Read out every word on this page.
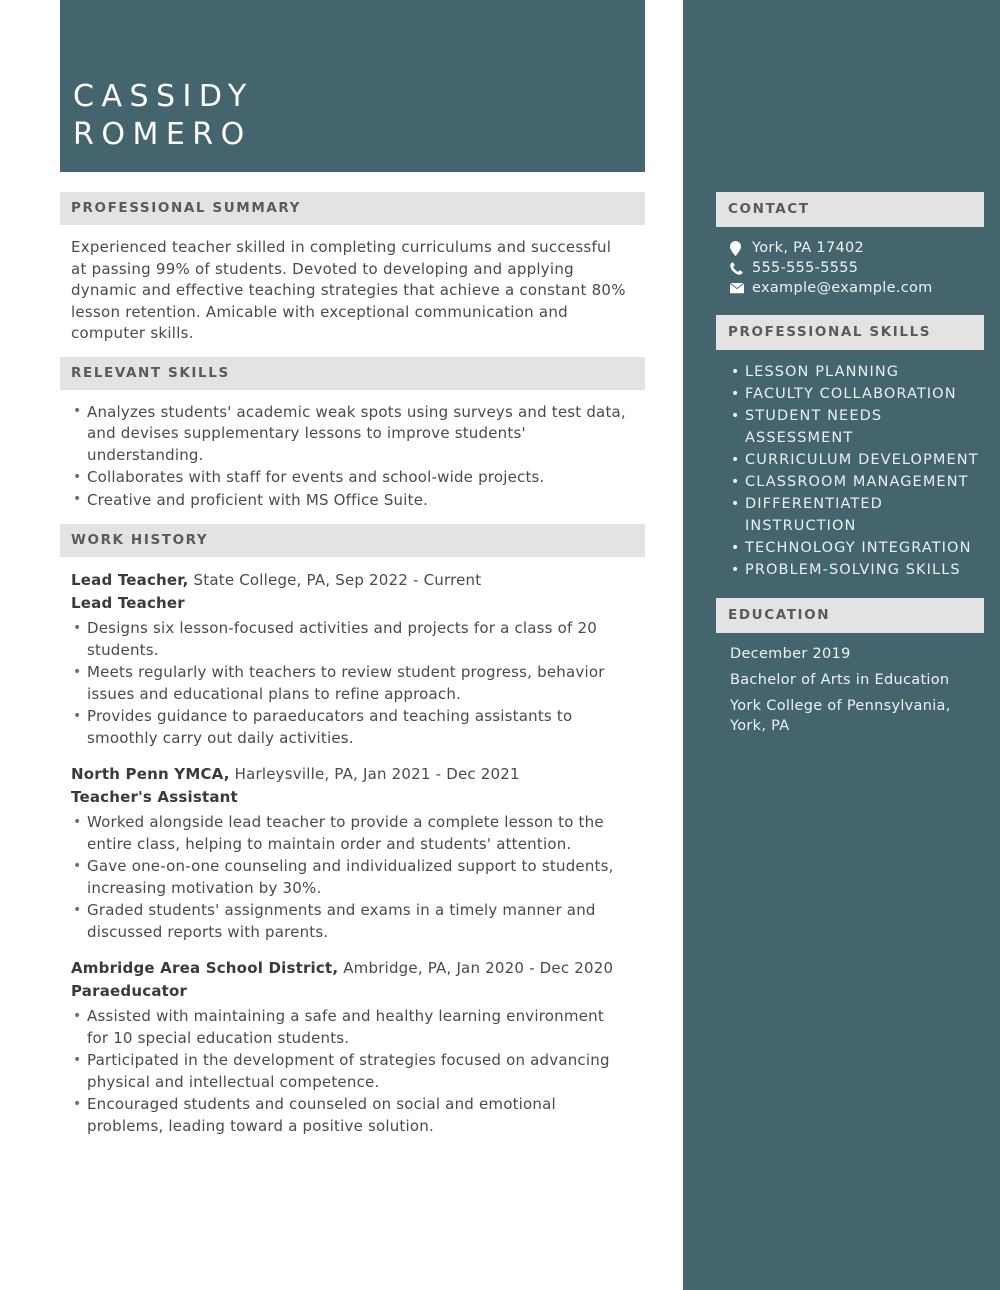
CONTACT
York, PA 17402
555-555-5555
example@example.com
PROFESSIONAL SKILLS
• LESSON PLANNING
• FACULTY COLLABORATION
• STUDENT NEEDS ASSESSMENT
• CURRICULUM DEVELOPMENT
• CLASSROOM MANAGEMENT
• DIFFERENTIATED INSTRUCTION
• TECHNOLOGY INTEGRATION
• PROBLEM-SOLVING SKILLS
EDUCATION

December 2019

Bachelor of Arts in Education

York College of Pennsylvania, York, PA

CASSIDY
ROMERO
PROFESSIONAL SUMMARY

Experienced teacher skilled in completing curriculums and successful at passing 99% of students. Devoted to developing and applying dynamic and effective teaching strategies that achieve a constant 80% lesson retention. Amicable with exceptional communication and computer skills.

RELEVANT SKILLS
• Analyzes students' academic weak spots using surveys and test data, and devises supplementary lessons to improve students' understanding.
• Collaborates with staff for events and school-wide projects.
• Creative and proficient with MS Office Suite.
WORK HISTORY

Lead Teacher, State College, PA, Sep 2022 - Current

Lead Teacher

• Designs six lesson-focused activities and projects for a class of 20 students.
• Meets regularly with teachers to review student progress, behavior issues and educational plans to refine approach.
• Provides guidance to paraeducators and teaching assistants to smoothly carry out daily activities.

North Penn YMCA, Harleysville, PA, Jan 2021 - Dec 2021

Teacher's Assistant

• Worked alongside lead teacher to provide a complete lesson to the entire class, helping to maintain order and students' attention.
• Gave one-on-one counseling and individualized support to students, increasing motivation by 30%.
• Graded students' assignments and exams in a timely manner and discussed reports with parents.

Ambridge Area School District, Ambridge, PA, Jan 2020 - Dec 2020

Paraeducator

• Assisted with maintaining a safe and healthy learning environment for 10 special education students.
• Participated in the development of strategies focused on advancing physical and intellectual competence.
• Encouraged students and counseled on social and emotional problems, leading toward a positive solution.
